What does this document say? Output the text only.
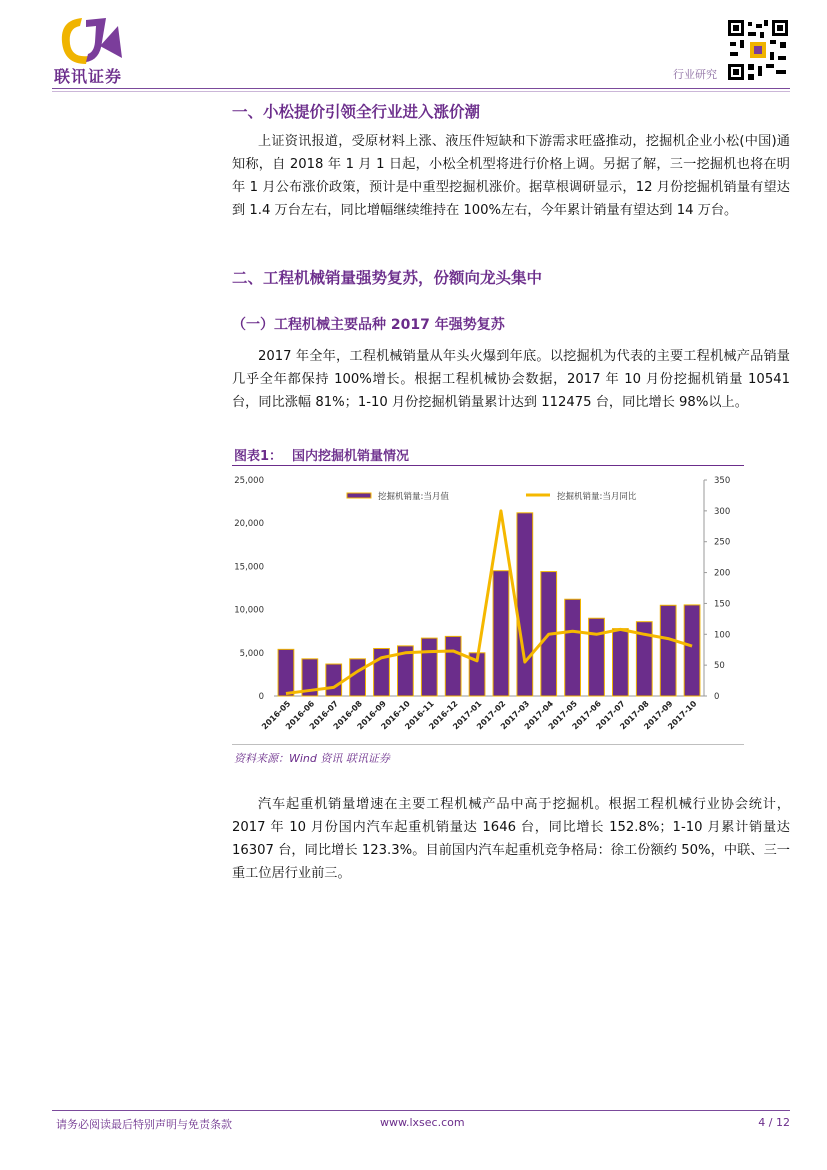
联讯证券	行业研究
一、小松提价引领全行业进入涨价潮
上证资讯报道，受原材料上涨、液压件短缺和下游需求旺盛推动，挖掘机企业小松(中国)通知称，自 2018 年 1 月 1 日起，小松全机型将进行价格上调。另据了解，三一挖掘机也将在明年 1 月公布涨价政策，预计是中重型挖掘机涨价。据草根调研显示，12 月份挖掘机销量有望达到 1.4 万台左右，同比增幅继续维持在 100%左右，今年累计销量有望达到 14 万台。
二、工程机械销量强势复苏，份额向龙头集中
（一）工程机械主要品种 2017 年强势复苏
2017 年全年，工程机械销量从年头火爆到年底。以挖掘机为代表的主要工程机械产品销量几乎全年都保持 100%增长。根据工程机械协会数据，2017 年 10 月份挖掘机销量 10541 台，同比涨幅 81%；1-10 月份挖掘机销量累计达到 112475 台，同比增长 98%以上。
图表1： 国内挖掘机销量情况
0
5,000
10,000
15,000
20,000
25,000
0
50
100
150
200
250
300
350
2016-05
2016-06
2016-07
2016-08
2016-09
2016-10
2016-11
2016-12
2017-01
2017-02
2017-03
2017-04
2017-05
2017-06
2017-07
2017-08
2017-09
2017-10
挖掘机销量:当月值	挖掘机销量:当月同比
资料来源：Wind 资讯 联讯证券
汽车起重机销量增速在主要工程机械产品中高于挖掘机。根据工程机械行业协会统计，2017 年 10 月份国内汽车起重机销量达 1646 台，同比增长 152.8%；1-10 月累计销量达 16307 台，同比增长 123.3%。目前国内汽车起重机竞争格局：徐工份额约 50%，中联、三一重工位居行业前三。
请务必阅读最后特别声明与免责条款	www.lxsec.com	4 / 12
